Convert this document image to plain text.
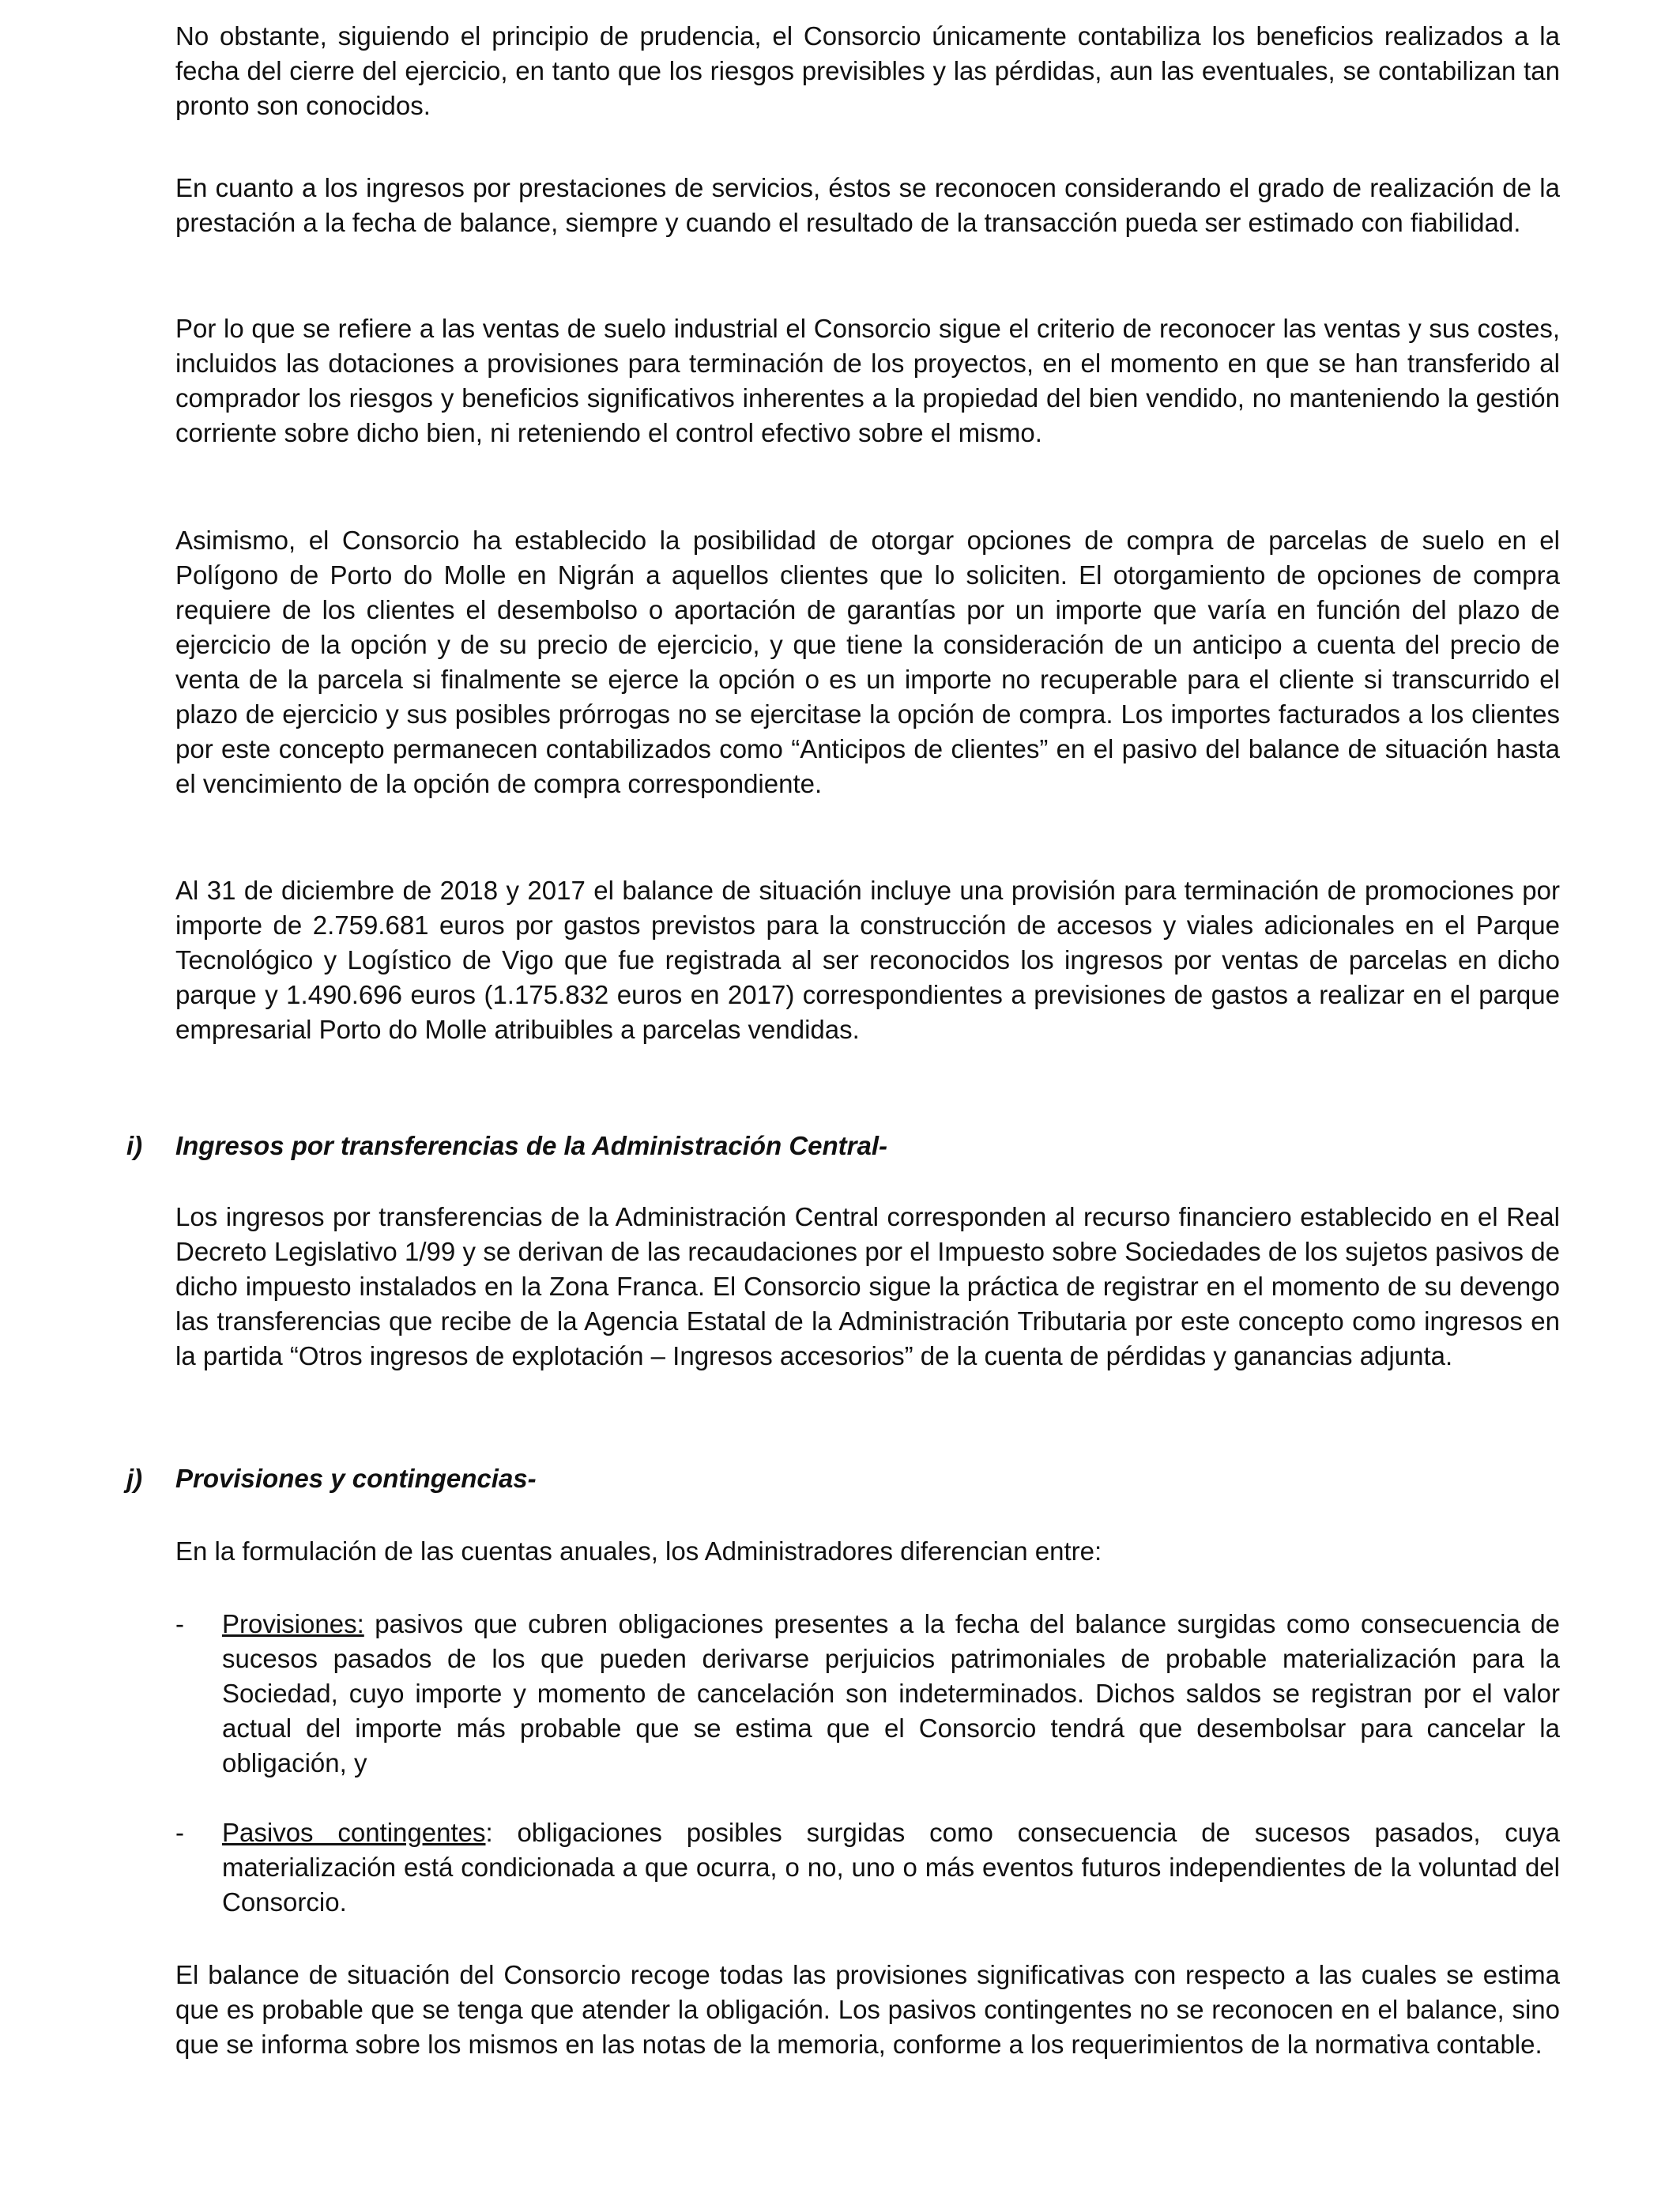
No obstante, siguiendo el principio de prudencia, el Consorcio únicamente contabiliza los beneficios realizados a la fecha del cierre del ejercicio, en tanto que los riesgos previsibles y las pérdidas, aun las eventuales, se contabilizan tan pronto son conocidos.

En cuanto a los ingresos por prestaciones de servicios, éstos se reconocen considerando el grado de realización de la prestación a la fecha de balance, siempre y cuando el resultado de la transacción pueda ser estimado con fiabilidad.

Por lo que se refiere a las ventas de suelo industrial el Consorcio sigue el criterio de reconocer las ventas y sus costes, incluidos las dotaciones a provisiones para terminación de los proyectos, en el momento en que se han transferido al comprador los riesgos y beneficios significativos inherentes a la propiedad del bien vendido, no manteniendo la gestión corriente sobre dicho bien, ni reteniendo el control efectivo sobre el mismo.

Asimismo, el Consorcio ha establecido la posibilidad de otorgar opciones de compra de parcelas de suelo en el Polígono de Porto do Molle en Nigrán a aquellos clientes que lo soliciten. El otorgamiento de opciones de compra requiere de los clientes el desembolso o aportación de garantías por un importe que varía en función del plazo de ejercicio de la opción y de su precio de ejercicio, y que tiene la consideración de un anticipo a cuenta del precio de venta de la parcela si finalmente se ejerce la opción o es un importe no recuperable para el cliente si transcurrido el plazo de ejercicio y sus posibles prórrogas no se ejercitase la opción de compra. Los importes facturados a los clientes por este concepto permanecen contabilizados como “Anticipos de clientes” en el pasivo del balance de situación hasta el vencimiento de la opción de compra correspondiente.

Al 31 de diciembre de 2018 y 2017 el balance de situación incluye una provisión para terminación de promociones por importe de 2.759.681 euros por gastos previstos para la construcción de accesos y viales adicionales en el Parque Tecnológico y Logístico de Vigo que fue registrada al ser reconocidos los ingresos por ventas de parcelas en dicho parque y 1.490.696 euros (1.175.832 euros en 2017) correspondientes a previsiones de gastos a realizar en el parque empresarial Porto do Molle atribuibles a parcelas vendidas.

i) Ingresos por transferencias de la Administración Central-

Los ingresos por transferencias de la Administración Central corresponden al recurso financiero establecido en el Real Decreto Legislativo 1/99 y se derivan de las recaudaciones por el Impuesto sobre Sociedades de los sujetos pasivos de dicho impuesto instalados en la Zona Franca. El Consorcio sigue la práctica de registrar en el momento de su devengo las transferencias que recibe de la Agencia Estatal de la Administración Tributaria por este concepto como ingresos en la partida “Otros ingresos de explotación – Ingresos accesorios” de la cuenta de pérdidas y ganancias adjunta.

j) Provisiones y contingencias-

En la formulación de las cuentas anuales, los Administradores diferencian entre:

- Provisiones: pasivos que cubren obligaciones presentes a la fecha del balance surgidas como consecuencia de sucesos pasados de los que pueden derivarse perjuicios patrimoniales de probable materialización para la Sociedad, cuyo importe y momento de cancelación son indeterminados. Dichos saldos se registran por el valor actual del importe más probable que se estima que el Consorcio tendrá que desembolsar para cancelar la obligación, y
- Pasivos contingentes: obligaciones posibles surgidas como consecuencia de sucesos pasados, cuya materialización está condicionada a que ocurra, o no, uno o más eventos futuros independientes de la voluntad del Consorcio.

El balance de situación del Consorcio recoge todas las provisiones significativas con respecto a las cuales se estima que es probable que se tenga que atender la obligación. Los pasivos contingentes no se reconocen en el balance, sino que se informa sobre los mismos en las notas de la memoria, conforme a los requerimientos de la normativa contable.
